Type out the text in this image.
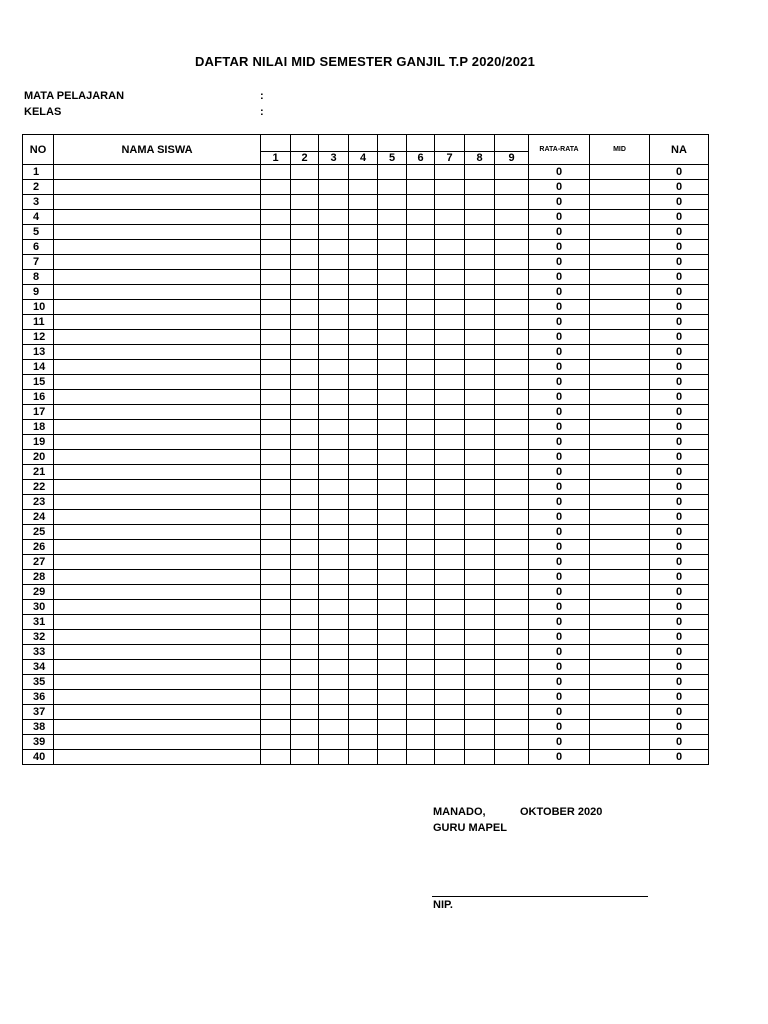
DAFTAR NILAI MID SEMESTER GANJIL T.P 2020/2021
MATA PELAJARAN	:
KELAS	:
NO	NAMA SISWA										RATA-RATA	MID	NA
		1	2	3	4	5	6	7	8	9			
1											0		0
2											0		0
3											0		0
4											0		0
5											0		0
6											0		0
7											0		0
8											0		0
9											0		0
10											0		0
11											0		0
12											0		0
13											0		0
14											0		0
15											0		0
16											0		0
17											0		0
18											0		0
19											0		0
20											0		0
21											0		0
22											0		0
23											0		0
24											0		0
25											0		0
26											0		0
27											0		0
28											0		0
29											0		0
30											0		0
31											0		0
32											0		0
33											0		0
34											0		0
35											0		0
36											0		0
37											0		0
38											0		0
39											0		0
40											0		0
MANADO,	OKTOBER 2020
GURU MAPEL
NIP.
